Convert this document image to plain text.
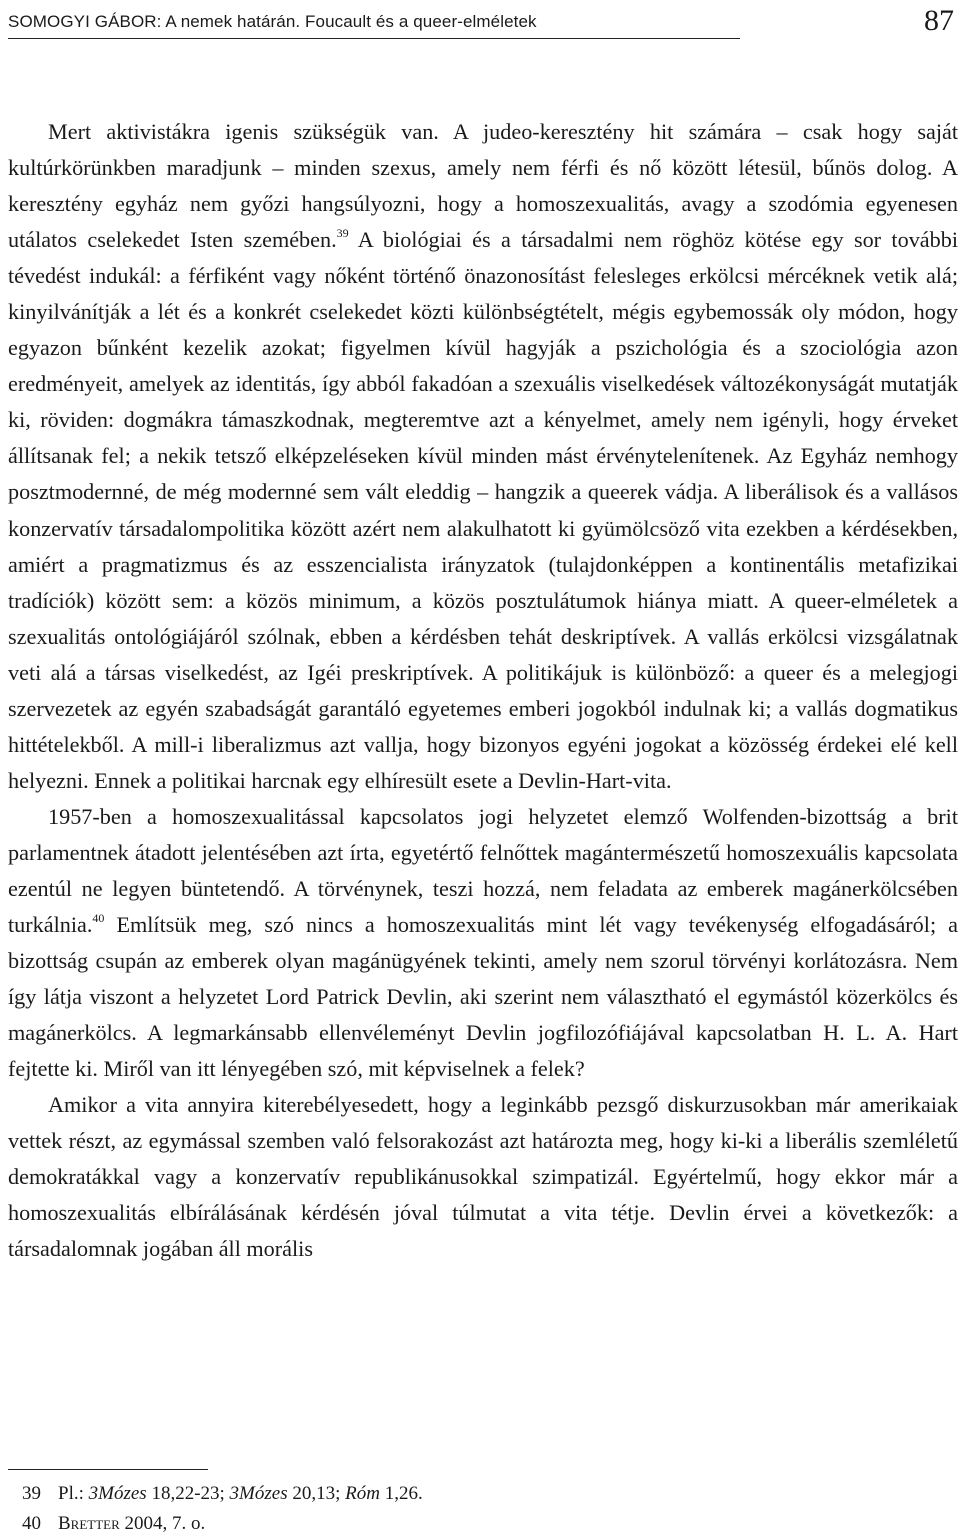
SOMOGYI GÁBOR: A nemek határán. Foucault és a queer-elméletek	87

Mert aktivistákra igenis szükségük van. A judeo-keresztény hit számára – csak hogy saját kultúrkörünkben maradjunk – minden szexus, amely nem férfi és nő között létesül, bűnös dolog. A keresztény egyház nem győzi hangsúlyozni, hogy a homoszexualitás, avagy a szodómia egyenesen utálatos cselekedet Isten szemében.$^{39}$ A biológiai és a társadalmi nem röghöz kötése egy sor további tévedést indukál: a férfiként vagy nőként történő önazonosítást felesleges erkölcsi mércéknek vetik alá; kinyilvánítják a lét és a konkrét cselekedet közti különbségtételt, mégis egybemossák oly módon, hogy egyazon bűnként kezelik azokat; figyelmen kívül hagyják a pszichológia és a szociológia azon eredményeit, amelyek az identitás, így abból fakadóan a szexuális viselkedések változékonyságát mutatják ki, röviden: dogmákra támaszkodnak, megteremtve azt a kényelmet, amely nem igényli, hogy érveket állítsanak fel; a nekik tetsző elképzeléseken kívül minden mást érvénytelenítenek. Az Egyház nemhogy posztmodernné, de még modernné sem vált eleddig – hangzik a queerek vádja. A liberálisok és a vallásos konzervatív társadalompolitika között azért nem alakulhatott ki gyümölcsöző vita ezekben a kérdésekben, amiért a pragmatizmus és az esszencialista irányzatok (tulajdonképpen a kontinentális metafizikai tradíciók) között sem: a közös minimum, a közös posztulátumok hiánya miatt. A queer-elméletek a szexualitás ontológiájáról szólnak, ebben a kérdésben tehát deskriptívek. A vallás erkölcsi vizsgálatnak veti alá a társas viselkedést, az Igéi preskriptívek. A politikájuk is különböző: a queer és a melegjogi szervezetek az egyén szabadságát garantáló egyetemes emberi jogokból indulnak ki; a vallás dogmatikus hittételekből. A mill-i liberalizmus azt vallja, hogy bizonyos egyéni jogokat a közösség érdekei elé kell helyezni. Ennek a politikai harcnak egy elhíresült esete a Devlin-Hart-vita.

1957-ben a homoszexualitással kapcsolatos jogi helyzetet elemző Wolfenden-bizottság a brit parlamentnek átadott jelentésében azt írta, egyetértő felnőttek magántermészetű homoszexuális kapcsolata ezentúl ne legyen büntetendő. A törvénynek, teszi hozzá, nem feladata az emberek magánerkölcsében turkálnia.$^{40}$ Említsük meg, szó nincs a homoszexualitás mint lét vagy tevékenység elfogadásáról; a bizottság csupán az emberek olyan magánügyének tekinti, amely nem szorul törvényi korlátozásra. Nem így látja viszont a helyzetet Lord Patrick Devlin, aki szerint nem választható el egymástól közerkölcs és magánerkölcs. A legmarkánsabb ellenvéleményt Devlin jogfilozófiájával kapcsolatban H. L. A. Hart fejtette ki. Miről van itt lényegében szó, mit képviselnek a felek?

Amikor a vita annyira kiterebélyesedett, hogy a leginkább pezsgő diskurzusokban már amerikaiak vettek részt, az egymással szemben való felsorakozást azt határozta meg, hogy ki-ki a liberális szemléletű demokratákkal vagy a konzervatív republikánusokkal szimpatizál. Egyértelmű, hogy ekkor már a homoszexualitás elbírálásának kérdésén jóval túlmutat a vita tétje. Devlin érvei a következők: a társadalomnak jogában áll morális

39 Pl.: 3Mózes 18,22-23; 3Mózes 20,13; Róm 1,26.

40 Bretter 2004, 7. o.
